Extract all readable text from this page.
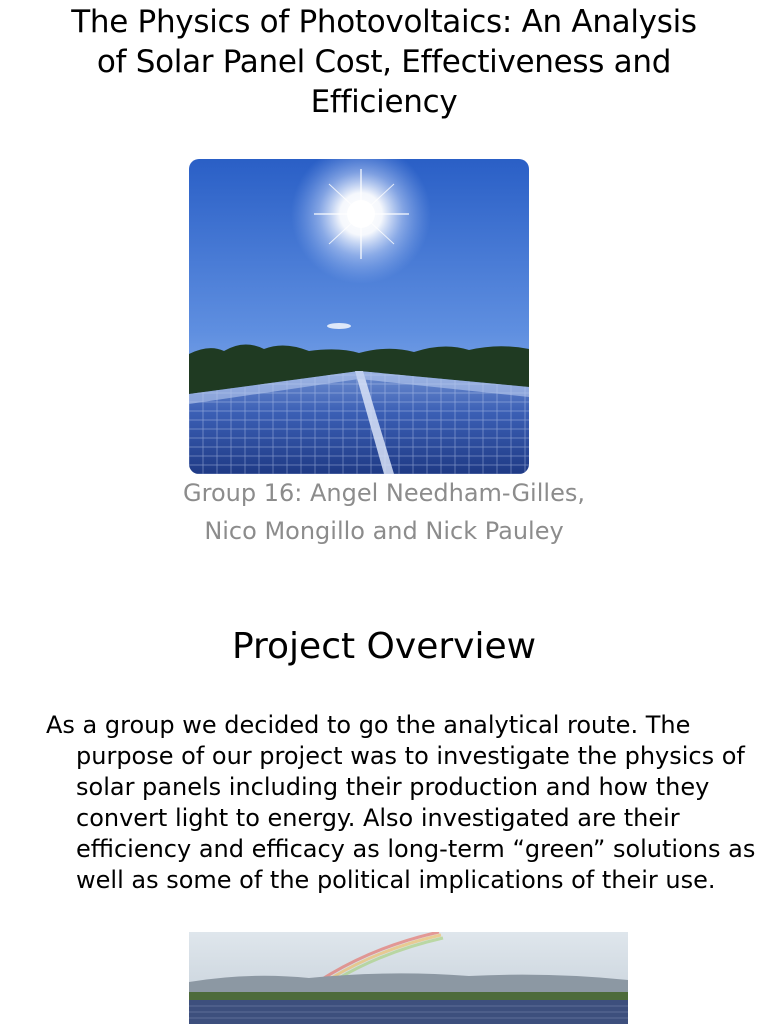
The Physics of Photovoltaics: An Analysis of Solar Panel Cost, Effectiveness and Efficiency
Group 16: Angel Needham-Gilles,
Nico Mongillo and Nick Pauley
Project Overview
As a group we decided to go the analytical route. The purpose of our project was to investigate the physics of solar panels including their production and how they convert light to energy. Also investigated are their efficiency and efficacy as long-term “green” solutions as well as some of the political implications of their use.
